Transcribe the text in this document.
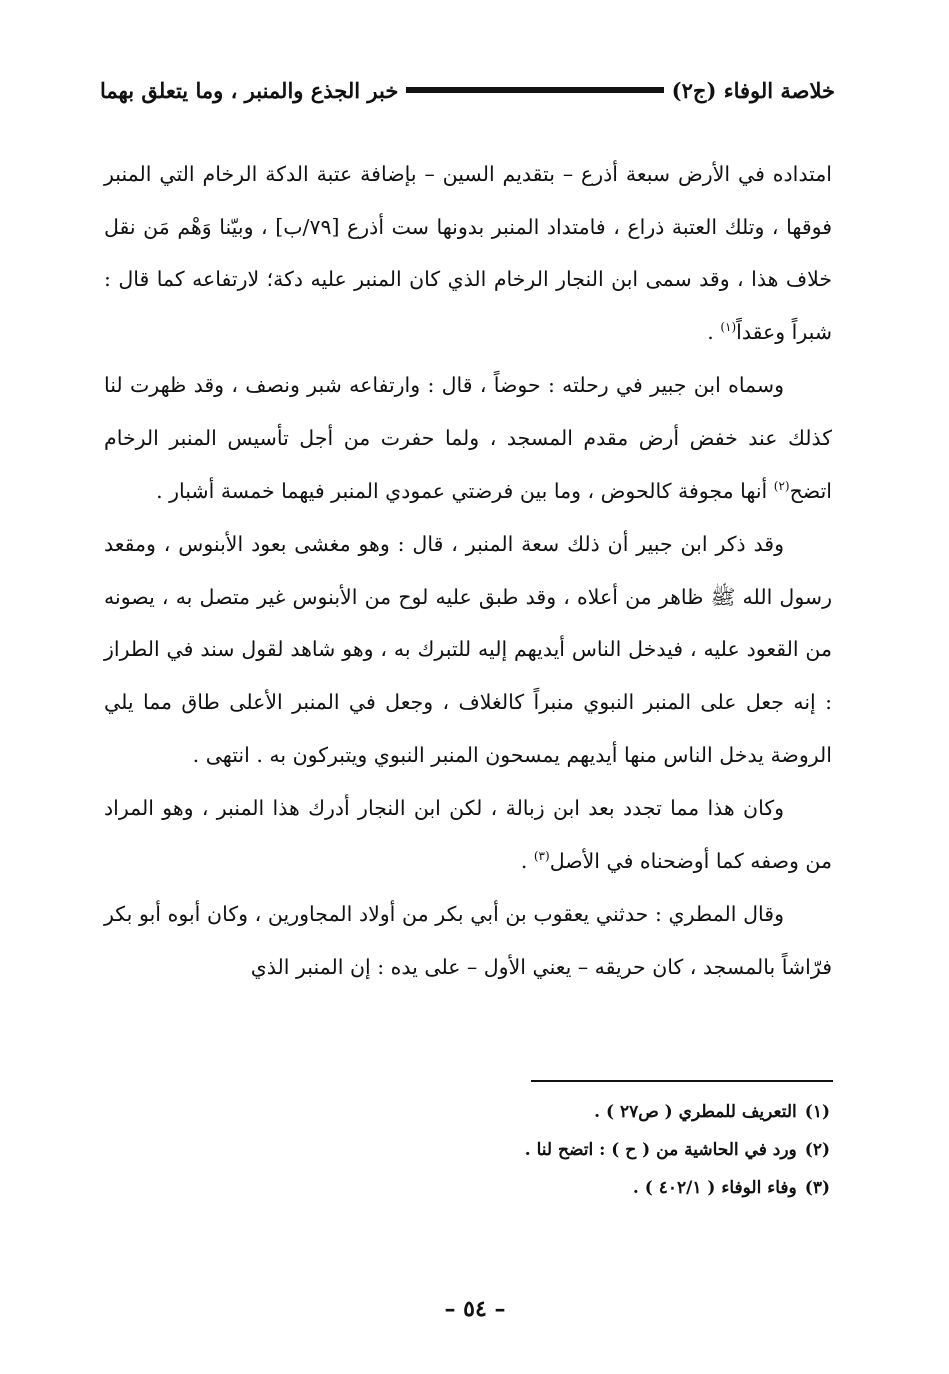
خلاصة الوفاء (ج٢)
خبر الجذع والمنبر ، وما يتعلق بهما

امتداده في الأرض سبعة أذرع – بتقديم السين – بإضافة عتبة الدكة الرخام التي المنبر فوقها ، وتلك العتبة ذراع ، فامتداد المنبر بدونها ست أذرع [٧٩/ب] ، وبيّنا وَهْم مَن نقل خلاف هذا ، وقد سمى ابن النجار الرخام الذي كان المنبر عليه دكة؛ لارتفاعه كما قال : شبراً وعقداً$^{(١)}$ .

وسماه ابن جبير في رحلته : حوضاً ، قال : وارتفاعه شبر ونصف ، وقد ظهرت لنا كذلك عند خفض أرض مقدم المسجد ، ولما حفرت من أجل تأسيس المنبر الرخام اتضح$^{(٢)}$ أنها مجوفة كالحوض ، وما بين فرضتي عمودي المنبر فيهما خمسة أشبار .

وقد ذكر ابن جبير أن ذلك سعة المنبر ، قال : وهو مغشى بعود الأبنوس ، ومقعد رسول الله ﷺ ظاهر من أعلاه ، وقد طبق عليه لوح من الأبنوس غير متصل به ، يصونه من القعود عليه ، فيدخل الناس أيديهم إليه للتبرك به ، وهو شاهد لقول سند في الطراز : إنه جعل على المنبر النبوي منبراً كالغلاف ، وجعل في المنبر الأعلى طاق مما يلي الروضة يدخل الناس منها أيديهم يمسحون المنبر النبوي ويتبركون به . انتهى .

وكان هذا مما تجدد بعد ابن زبالة ، لكن ابن النجار أدرك هذا المنبر ، وهو المراد من وصفه كما أوضحناه في الأصل$^{(٣)}$ .

وقال المطري : حدثني يعقوب بن أبي بكر من أولاد المجاورين ، وكان أبوه أبو بكر فرّاشاً بالمسجد ، كان حريقه – يعني الأول – على يده : إن المنبر الذي

(١)التعريف للمطري ( ص٢٧ ) .
(٢)ورد في الحاشية من ( ح ) : اتضح لنا .
(٣)وفاء الوفاء ( ٤٠٢/١ ) .
– ٥٤ –
